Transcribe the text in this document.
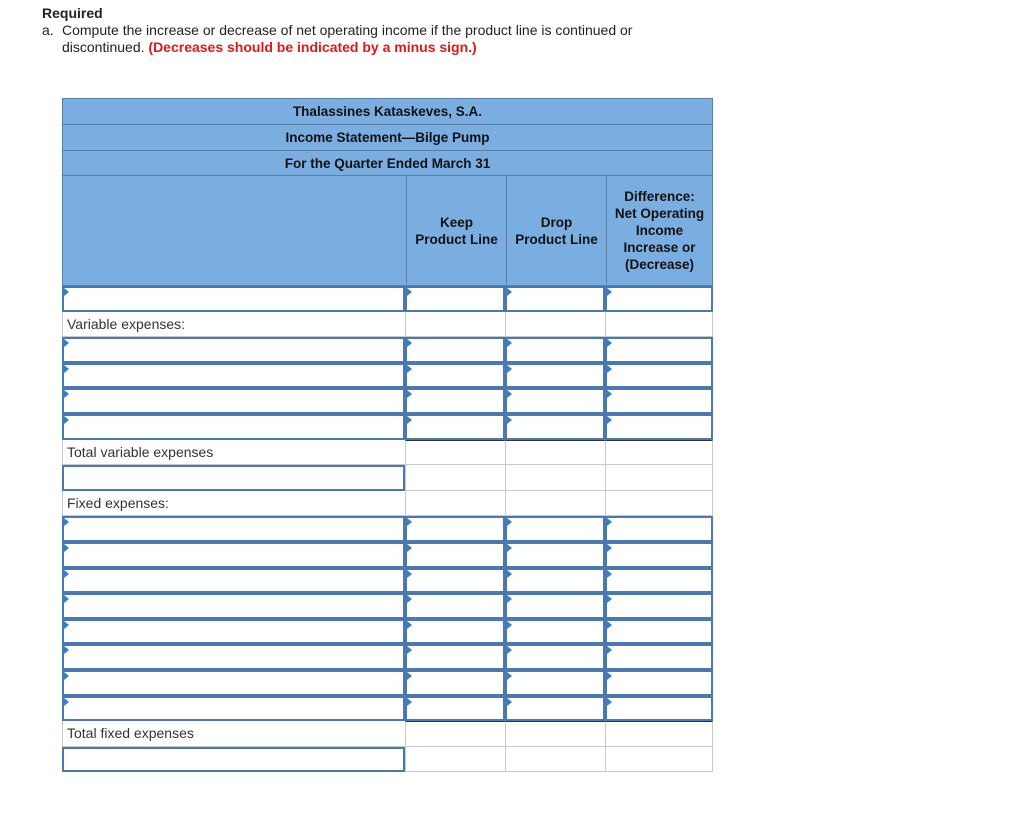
Required
a. Compute the increase or decrease of net operating income if the product line is continued or
discontinued. (Decreases should be indicated by a minus sign.)
Thalassines Kataskeves, S.A.
Income Statement—Bilge Pump
For the Quarter Ended March 31
Keep
Product Line
Drop
Product Line
Difference:
Net Operating
Income
Increase or
(Decrease)
Variable expenses:
Total variable expenses
Fixed expenses:
Total fixed expenses
